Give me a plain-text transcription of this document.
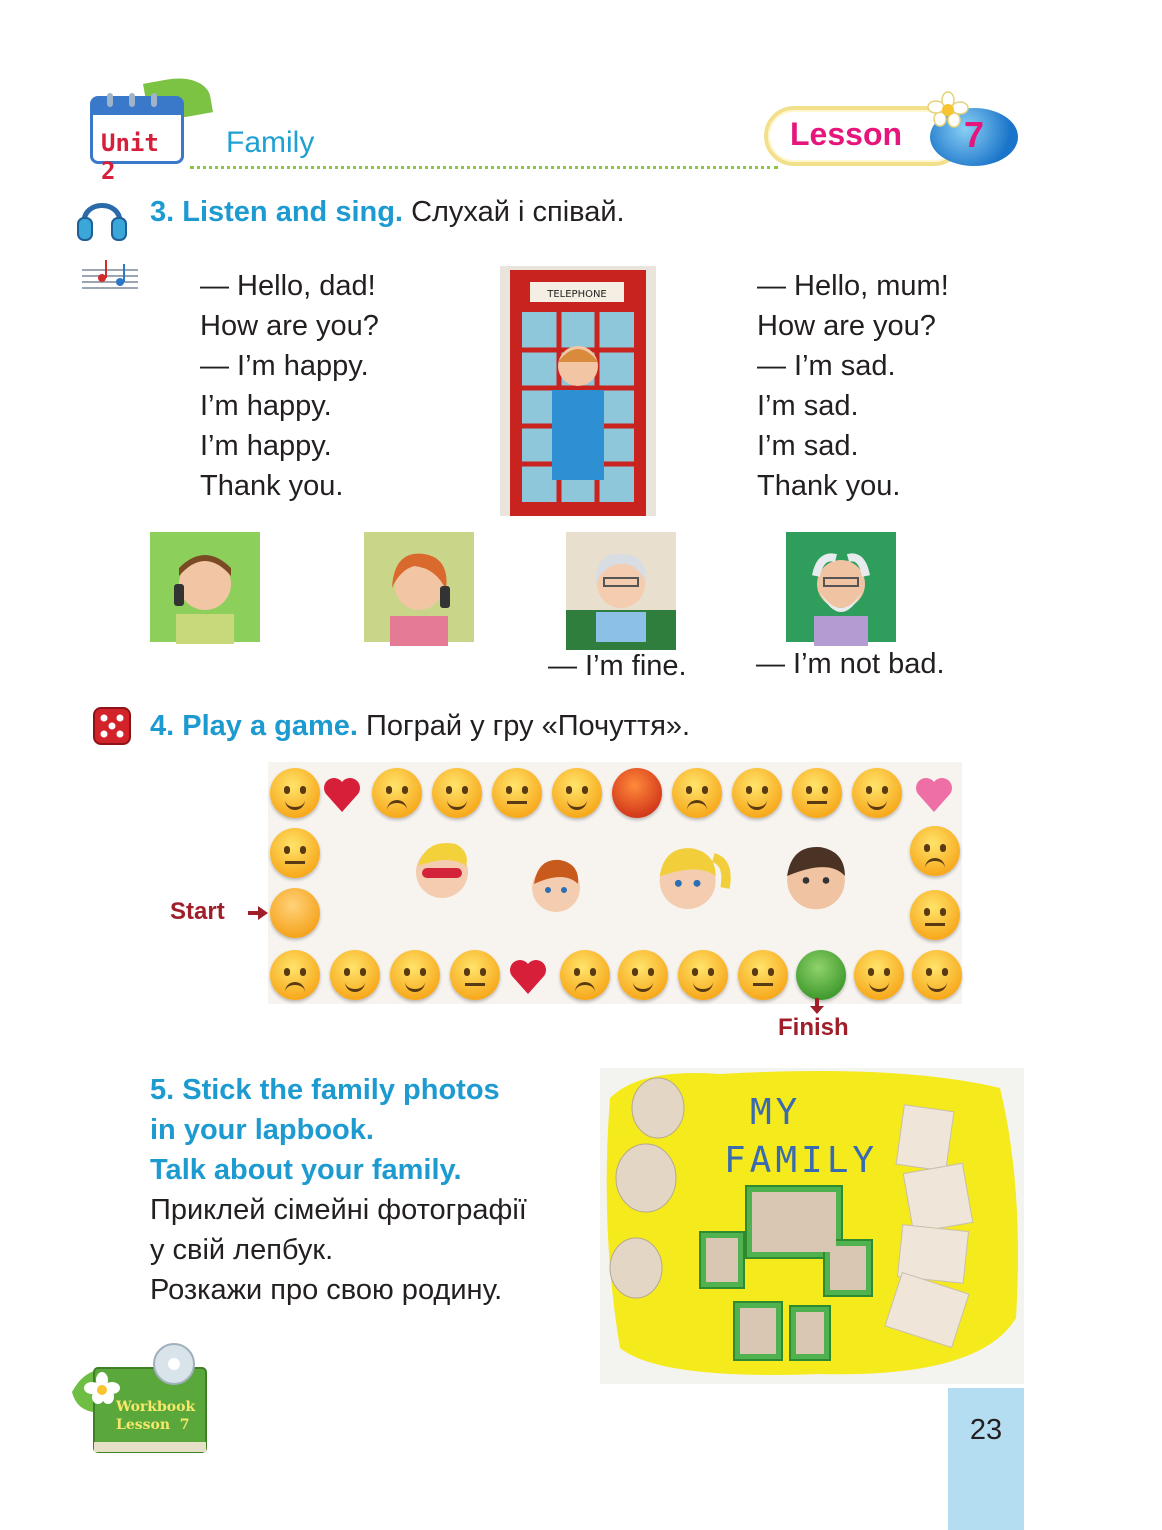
Unit 2
Family	Lesson	7
3. Listen and sing. Слухай і співай.
— Hello, dad!
How are you?
— I’m happy.
I’m happy.
I’m happy.
Thank you.
TELEPHONE	— Hello, mum!
How are you?
— I’m sad.
I’m sad.
I’m sad.
Thank you.
— I’m fine. — I’m not bad.
4. Play a game. Пограй у гру «Почуття».
Start
Finish
5. Stick the family photos
in your lapbook.
Talk about your family.
Приклей сімейні фотографії
у свій лепбук.
Розкажи про свою родину.
MY
FAMILY
Workbook
Lesson  7	23
